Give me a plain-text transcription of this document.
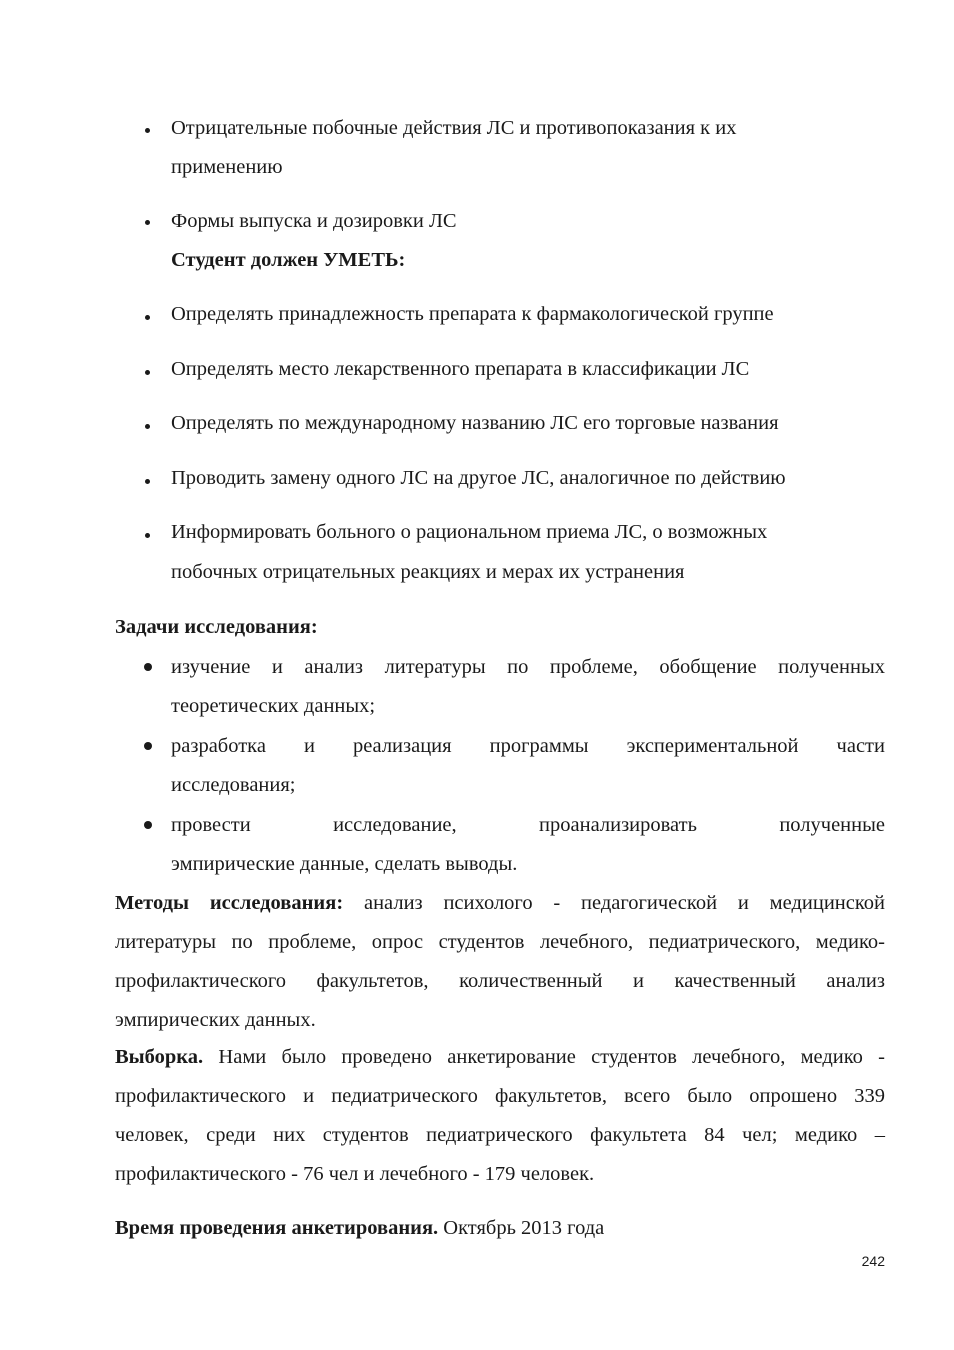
Отрицательные побочные действия ЛС и противопоказания к их
применению
Формы выпуска и дозировки ЛС
Студент должен УМЕТЬ:
Определять принадлежность препарата к фармакологической группе
Определять место лекарственного препарата в классификации ЛС
Определять по международному названию ЛС его торговые названия
Проводить замену одного ЛС на другое ЛС, аналогичное по действию
Информировать больного о рациональном приема ЛС, о возможных
побочных отрицательных реакциях и мерах их устранения
Задачи исследования:
изучение и анализ литературы по проблеме, обобщение полученных
теоретических данных;
разработка и реализация программы экспериментальной части
исследования;
провести исследование, проанализировать полученные
эмпирические данные, сделать выводы.
Методы исследования: анализ психолого - педагогической и медицинской
литературы по проблеме, опрос студентов лечебного, педиатрического, медико-
профилактического факультетов, количественный и качественный анализ
эмпирических данных.
Выборка. Нами было проведено анкетирование студентов лечебного, медико -
профилактического и педиатрического факультетов, всего было опрошено 339
человек, среди них студентов педиатрического факультета 84 чел; медико –
профилактического - 76 чел и лечебного - 179 человек.
Время проведения анкетирования. Октябрь 2013 года
242
